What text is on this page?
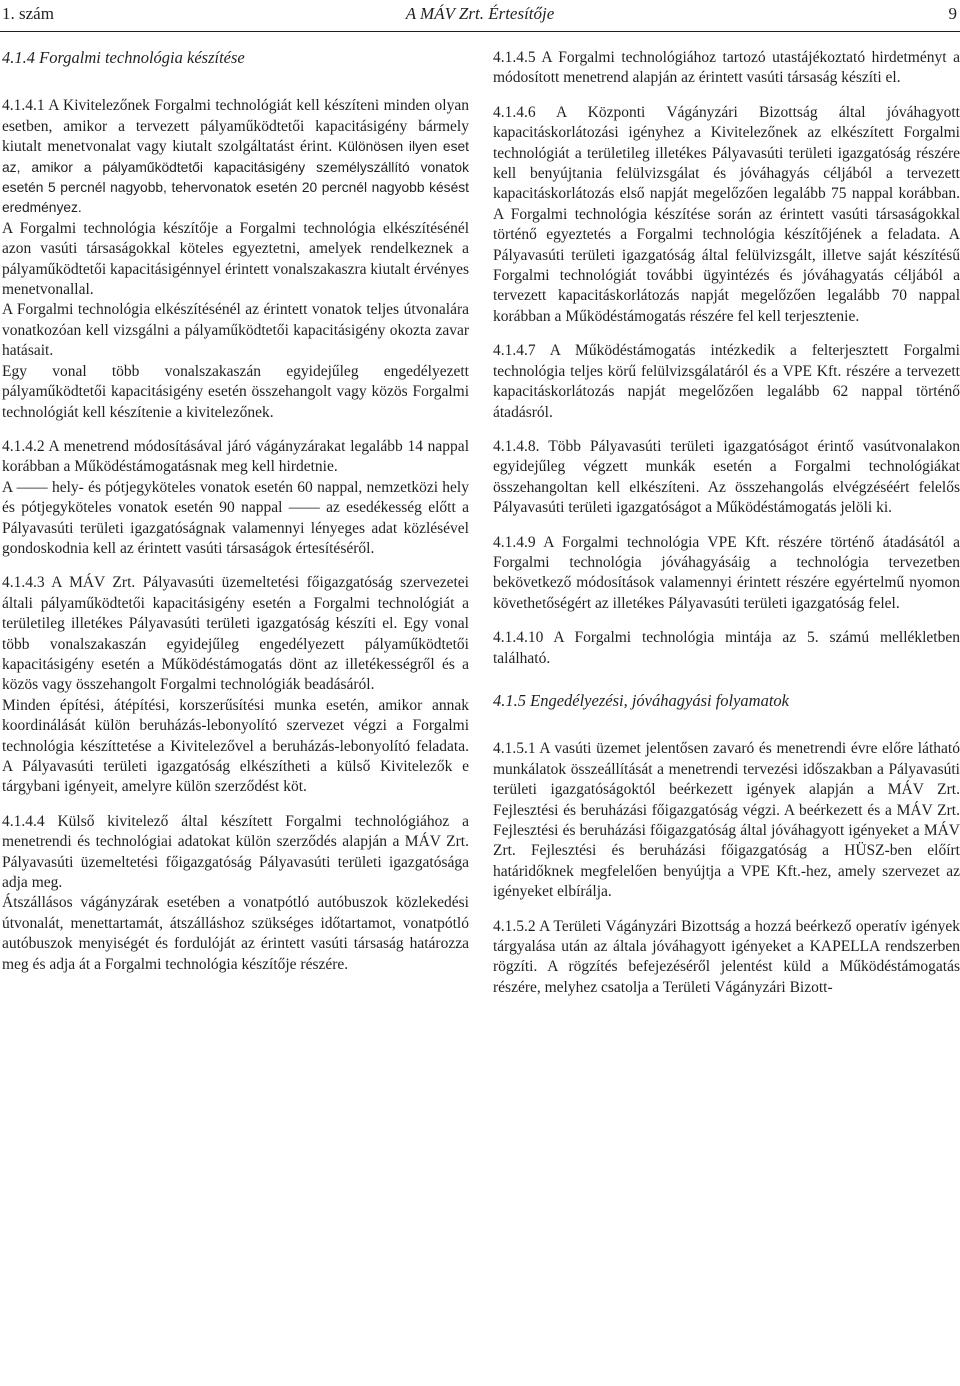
1. szám	A MÁV Zrt. Értesítője	9
4.1.4 Forgalmi technológia készítése

4.1.4.1 A Kivitelezőnek Forgalmi technológiát kell készíteni minden olyan esetben, amikor a tervezett pályaműködtetői kapacitásigény bármely kiutalt menetvonalat vagy kiutalt szolgáltatást érint. Különösen ilyen eset az, amikor a pályaműködtetői kapacitásigény személyszállító vonatok esetén 5 percnél nagyobb, tehervonatok esetén 20 percnél nagyobb késést eredményez.

A Forgalmi technológia készítője a Forgalmi technológia elkészítésénél azon vasúti társaságokkal köteles egyeztetni, amelyek rendelkeznek a pályaműködtetői kapacitásigénnyel érintett vonalszakaszra kiutalt érvényes menetvonallal.

A Forgalmi technológia elkészítésénél az érintett vonatok teljes útvonalára vonatkozóan kell vizsgálni a pályaműködtetői kapacitásigény okozta zavar hatásait.

Egy vonal több vonalszakaszán egyidejűleg engedélyezett pályaműködtetői kapacitásigény esetén összehangolt vagy közös Forgalmi technológiát kell készítenie a kivitelezőnek.

4.1.4.2 A menetrend módosításával járó vágányzárakat legalább 14 nappal korábban a Működéstámogatásnak meg kell hirdetnie.

A —— hely- és pótjegyköteles vonatok esetén 60 nappal, nemzetközi hely és pótjegyköteles vonatok esetén 90 nappal —— az esedékesség előtt a Pályavasúti területi igazgatóságnak valamennyi lényeges adat közlésével gondoskodnia kell az érintett vasúti társaságok értesítéséről.

4.1.4.3 A MÁV Zrt. Pályavasúti üzemeltetési főigazgatóság szervezetei általi pályaműködtetői kapacitásigény esetén a Forgalmi technológiát a területileg illetékes Pályavasúti területi igazgatóság készíti el. Egy vonal több vonalszakaszán egyidejűleg engedélyezett pályaműködtetői kapacitásigény esetén a Működéstámogatás dönt az illetékességről és a közös vagy összehangolt Forgalmi technológiák beadásáról.

Minden építési, átépítési, korszerűsítési munka esetén, amikor annak koordinálását külön beruházás-lebonyolító szervezet végzi a Forgalmi technológia készíttetése a Kivitelezővel a beruházás-lebonyolító feladata. A Pályavasúti területi igazgatóság elkészítheti a külső Kivitelezők e tárgybani igényeit, amelyre külön szerződést köt.

4.1.4.4 Külső kivitelező által készített Forgalmi technológiához a menetrendi és technológiai adatokat külön szerződés alapján a MÁV Zrt. Pályavasúti üzemeltetési főigazgatóság Pályavasúti területi igazgatósága adja meg.

Átszállásos vágányzárak esetében a vonatpótló autóbuszok közlekedési útvonalát, menettartamát, átszálláshoz szükséges időtartamot, vonatpótló autóbuszok menyiségét és fordulóját az érintett vasúti társaság határozza meg és adja át a Forgalmi technológia készítője részére.

4.1.4.5 A Forgalmi technológiához tartozó utastájékoztató hirdetményt a módosított menetrend alapján az érintett vasúti társaság készíti el.

4.1.4.6 A Központi Vágányzári Bizottság által jóváhagyott kapacitáskorlátozási igényhez a Kivitelezőnek az elkészített Forgalmi technológiát a területileg illetékes Pályavasúti területi igazgatóság részére kell benyújtania felülvizsgálat és jóváhagyás céljából a tervezett kapacitáskorlátozás első napját megelőzően legalább 75 nappal korábban. A Forgalmi technológia készítése során az érintett vasúti társaságokkal történő egyeztetés a Forgalmi technológia készítőjének a feladata. A Pályavasúti területi igazgatóság által felülvizsgált, illetve saját készítésű Forgalmi technológiát további ügyintézés és jóváhagyatás céljából a tervezett kapacitáskorlátozás napját megelőzően legalább 70 nappal korábban a Működéstámogatás részére fel kell terjesztenie.

4.1.4.7 A Működéstámogatás intézkedik a felterjesztett Forgalmi technológia teljes körű felülvizsgálatáról és a VPE Kft. részére a tervezett kapacitáskorlátozás napját megelőzően legalább 62 nappal történő átadásról.

4.1.4.8. Több Pályavasúti területi igazgatóságot érintő vasútvonalakon egyidejűleg végzett munkák esetén a Forgalmi technológiákat összehangoltan kell elkészíteni. Az összehangolás elvégzéséért felelős Pályavasúti területi igazgatóságot a Működéstámogatás jelöli ki.

4.1.4.9 A Forgalmi technológia VPE Kft. részére történő átadásától a Forgalmi technológia jóváhagyásáig a technológia tervezetben bekövetkező módosítások valamennyi érintett részére egyértelmű nyomon követhetőségért az illetékes Pályavasúti területi igazgatóság felel.

4.1.4.10 A Forgalmi technológia mintája az 5. számú mellékletben található.

4.1.5 Engedélyezési, jóváhagyási folyamatok

4.1.5.1 A vasúti üzemet jelentősen zavaró és menetrendi évre előre látható munkálatok összeállítását a menetrendi tervezési időszakban a Pályavasúti területi igazgatóságoktól beérkezett igények alapján a MÁV Zrt. Fejlesztési és beruházási főigazgatóság végzi. A beérkezett és a MÁV Zrt. Fejlesztési és beruházási főigazgatóság által jóváhagyott igényeket a MÁV Zrt. Fejlesztési és beruházási főigazgatóság a HÜSZ-ben előírt határidőknek megfelelően benyújtja a VPE Kft.-hez, amely szervezet az igényeket elbírálja.

4.1.5.2 A Területi Vágányzári Bizottság a hozzá beérkező operatív igények tárgyalása után az általa jóváhagyott igényeket a KAPELLA rendszerben rögzíti. A rögzítés befejezéséről jelentést küld a Működéstámogatás részére, melyhez csatolja a Területi Vágányzári Bizott-
